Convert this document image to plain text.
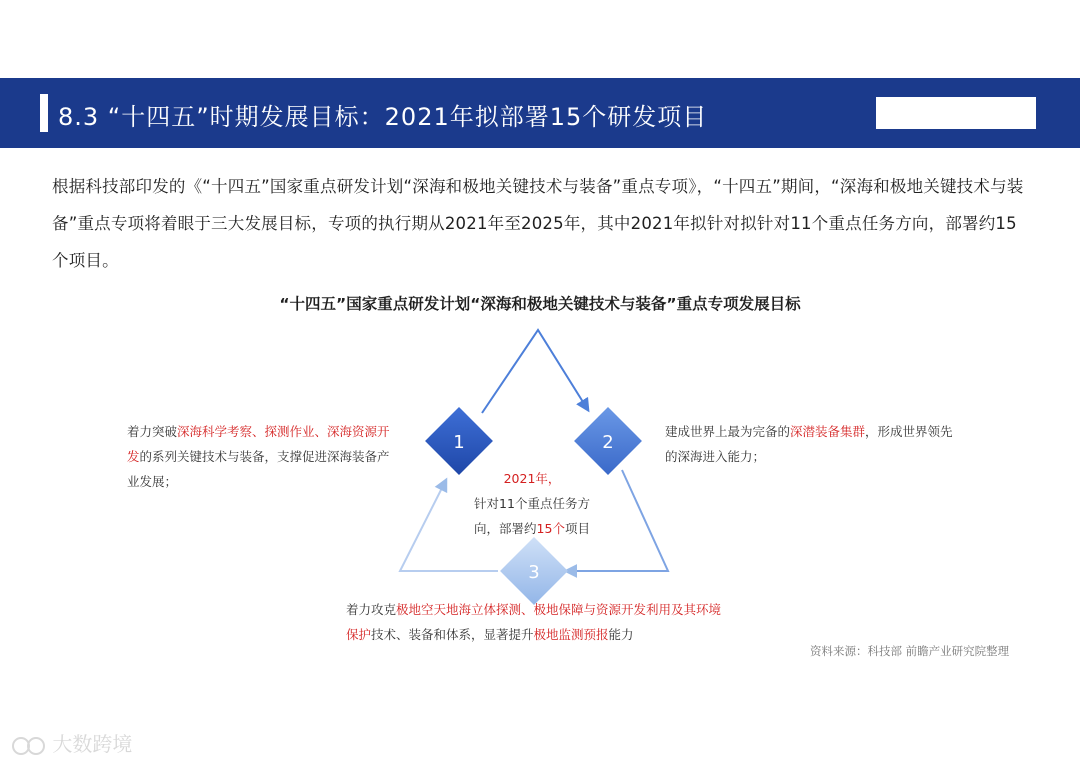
8.3 “十四五”时期发展目标：2021年拟部署15个研发项目
根据科技部印发的《“十四五”国家重点研发计划“深海和极地关键技术与装备”重点专项》，“十四五”期间，“深海和极地关键技术与装备”重点专项将着眼于三大发展目标，专项的执行期从2021年至2025年，其中2021年拟针对拟针对11个重点任务方向，部署约15个项目。
“十四五”国家重点研发计划“深海和极地关键技术与装备”重点专项发展目标
1	2
3
2021年，
针对11个重点任务方
向，部署约15个项目
着力突破深海科学考察、探测作业、深海资源开发的系列关键技术与装备，支撑促进深海装备产业发展；
建成世界上最为完备的深潜装备集群，形成世界领先的深海进入能力；
着力攻克极地空天地海立体探测、极地保障与资源开发利用及其环境保护技术、装备和体系，显著提升极地监测预报能力
资料来源：科技部 前瞻产业研究院整理
大数跨境
